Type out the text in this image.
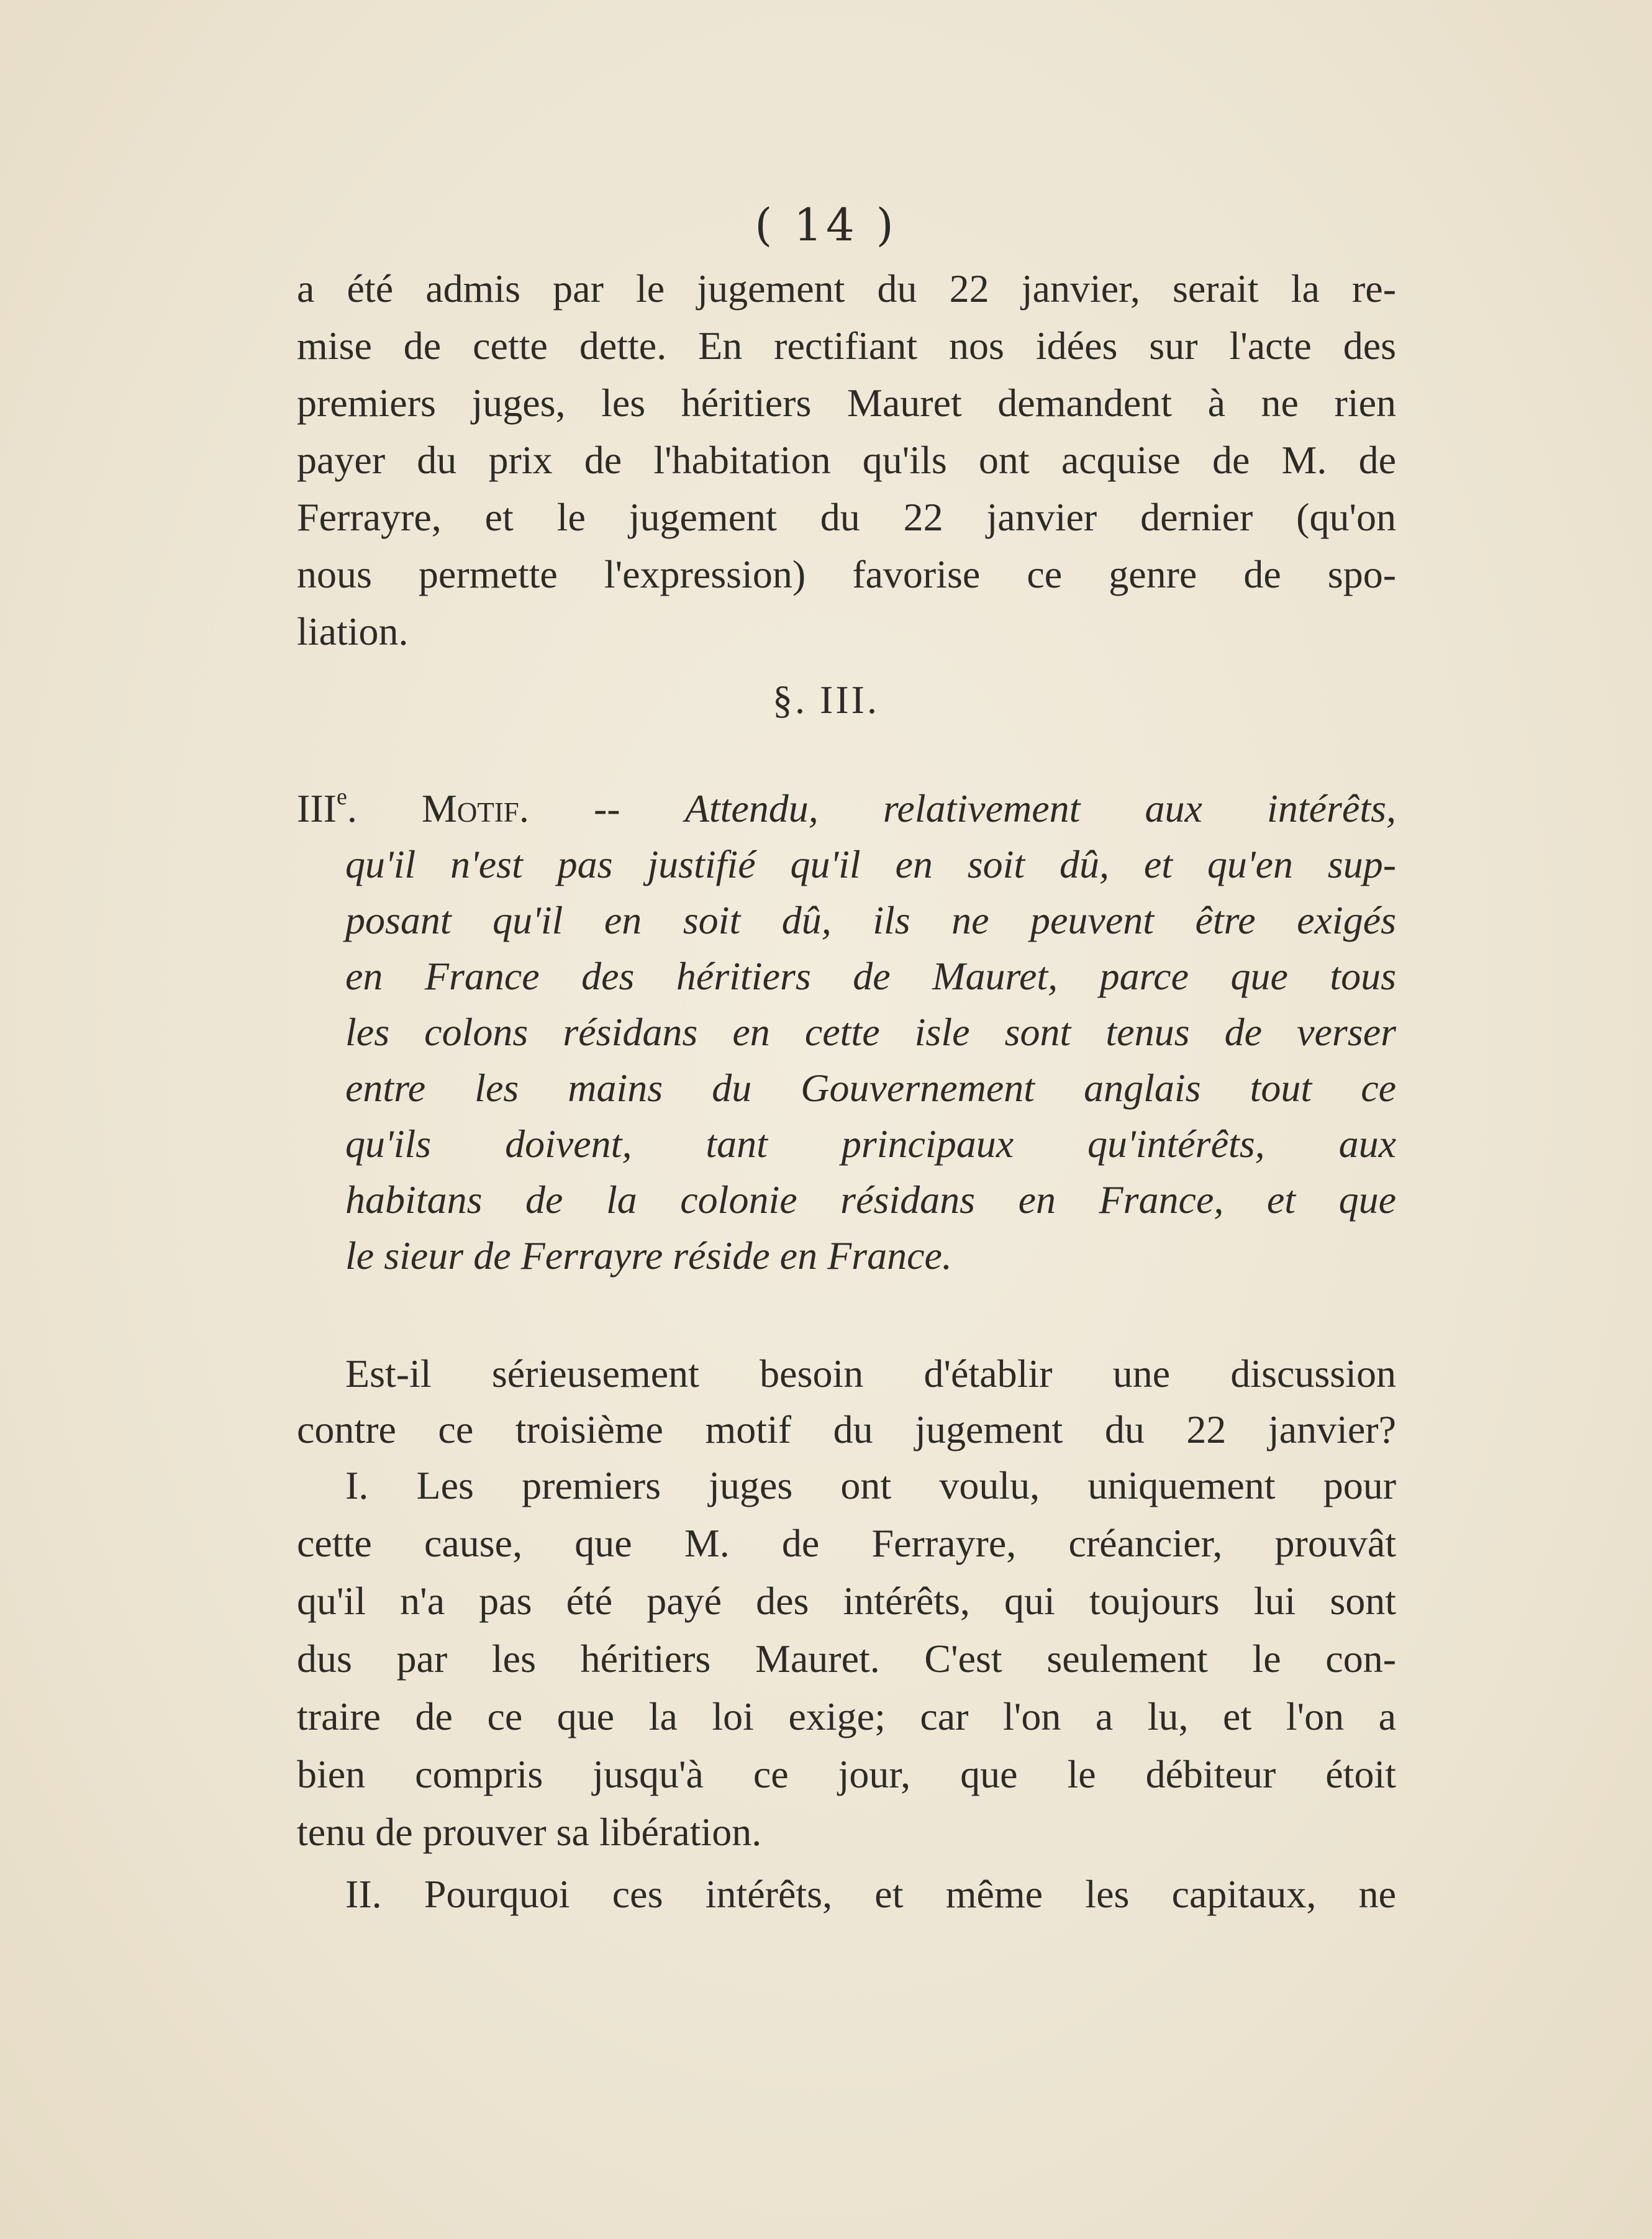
( 14 )
a été admis par le jugement du 22 janvier, serait la re-
mise de cette dette. En rectifiant nos idées sur l'acte des
premiers juges, les héritiers Mauret demandent à ne rien
payer du prix de l'habitation qu'ils ont acquise de M. de
Ferrayre, et le jugement du 22 janvier dernier (qu'on
nous permette l'expression) favorise ce genre de spo-
liation.
§. III.
IIIe. Motif. -- Attendu, relativement aux intérêts,
qu'il n'est pas justifié qu'il en soit dû, et qu'en sup-
posant qu'il en soit dû, ils ne peuvent être exigés
en France des héritiers de Mauret, parce que tous
les colons résidans en cette isle sont tenus de verser
entre les mains du Gouvernement anglais tout ce
qu'ils doivent, tant principaux qu'intérêts, aux
habitans de la colonie résidans en France, et que
le sieur de Ferrayre réside en France.
Est-il sérieusement besoin d'établir une discussion
contre ce troisième motif du jugement du 22 janvier?
I. Les premiers juges ont voulu, uniquement pour
cette cause, que M. de Ferrayre, créancier, prouvât
qu'il n'a pas été payé des intérêts, qui toujours lui sont
dus par les héritiers Mauret. C'est seulement le con-
traire de ce que la loi exige; car l'on a lu, et l'on a
bien compris jusqu'à ce jour, que le débiteur étoit
tenu de prouver sa libération.
II. Pourquoi ces intérêts, et même les capitaux, ne
